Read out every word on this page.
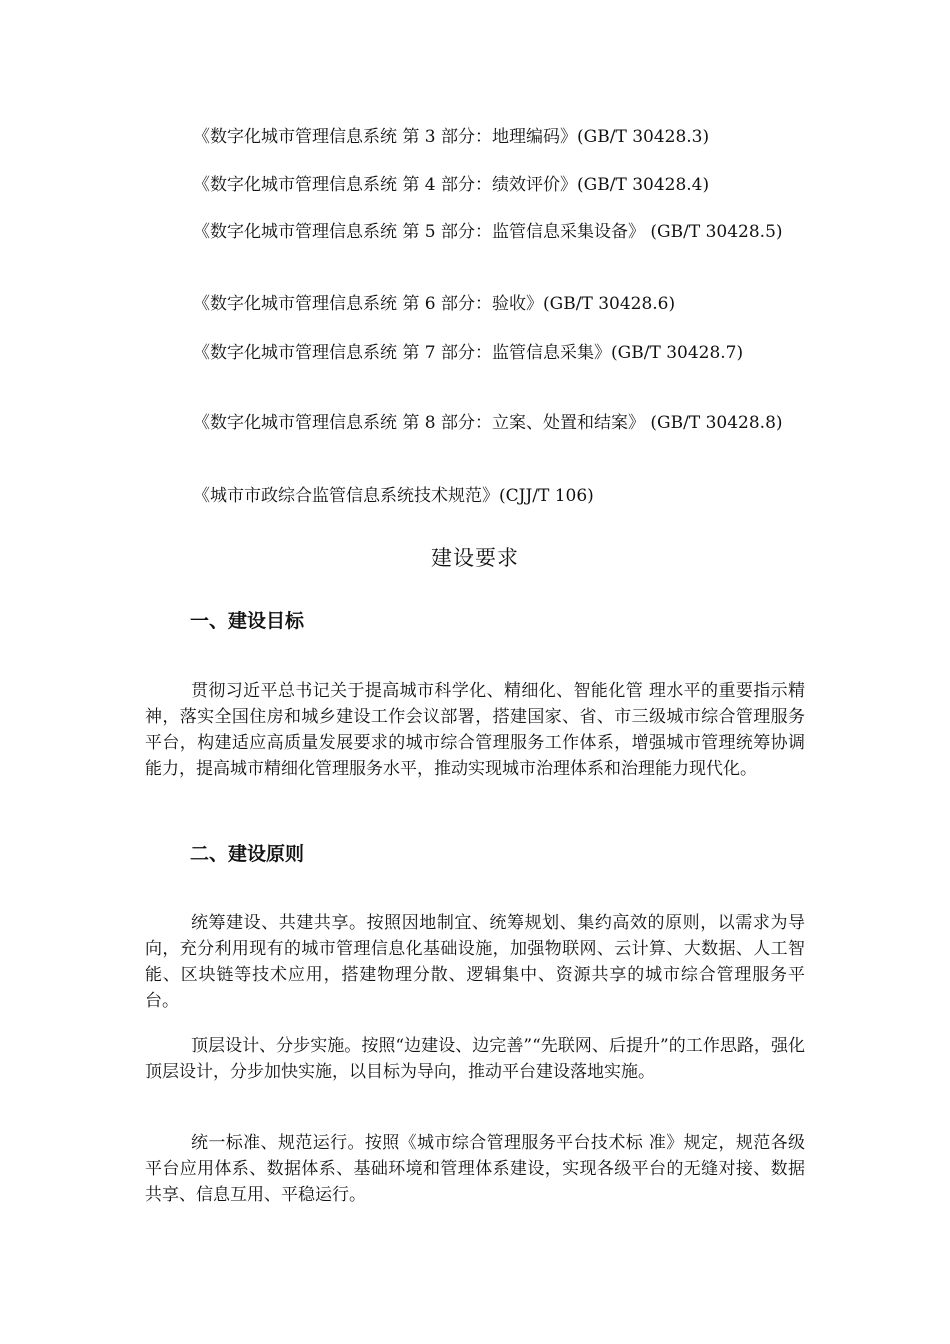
《数字化城市管理信息系统 第 3 部分：地理编码》(GB/T 30428.3)
《数字化城市管理信息系统 第 4 部分：绩效评价》(GB/T 30428.4)
《数字化城市管理信息系统 第 5 部分：监管信息采集设备》 (GB/T 30428.5)
《数字化城市管理信息系统 第 6 部分：验收》(GB/T 30428.6)
《数字化城市管理信息系统 第 7 部分：监管信息采集》(GB/T 30428.7)
《数字化城市管理信息系统 第 8 部分：立案、处置和结案》 (GB/T 30428.8)
《城市市政综合监管信息系统技术规范》(CJJ/T 106)
建设要求
一、建设目标
贯彻习近平总书记关于提高城市科学化、精细化、智能化管 理水平的重要指示精神，落实全国住房和城乡建设工作会议部署，搭建国家、省、市三级城市综合管理服务平台，构建适应高质量发展要求的城市综合管理服务工作体系，增强城市管理统筹协调能力，提高城市精细化管理服务水平，推动实现城市治理体系和治理能力现代化。
二、建设原则
统筹建设、共建共享。按照因地制宜、统筹规划、集约高效的原则，以需求为导向，充分利用现有的城市管理信息化基础设施，加强物联网、云计算、大数据、人工智能、区块链等技术应用，搭建物理分散、逻辑集中、资源共享的城市综合管理服务平台。
顶层设计、分步实施。按照“边建设、边完善”“先联网、后提升”的工作思路，强化顶层设计，分步加快实施，以目标为导向，推动平台建设落地实施。
统一标准、规范运行。按照《城市综合管理服务平台技术标 准》规定，规范各级平台应用体系、数据体系、基础环境和管理体系建设，实现各级平台的无缝对接、数据共享、信息互用、平稳运行。
